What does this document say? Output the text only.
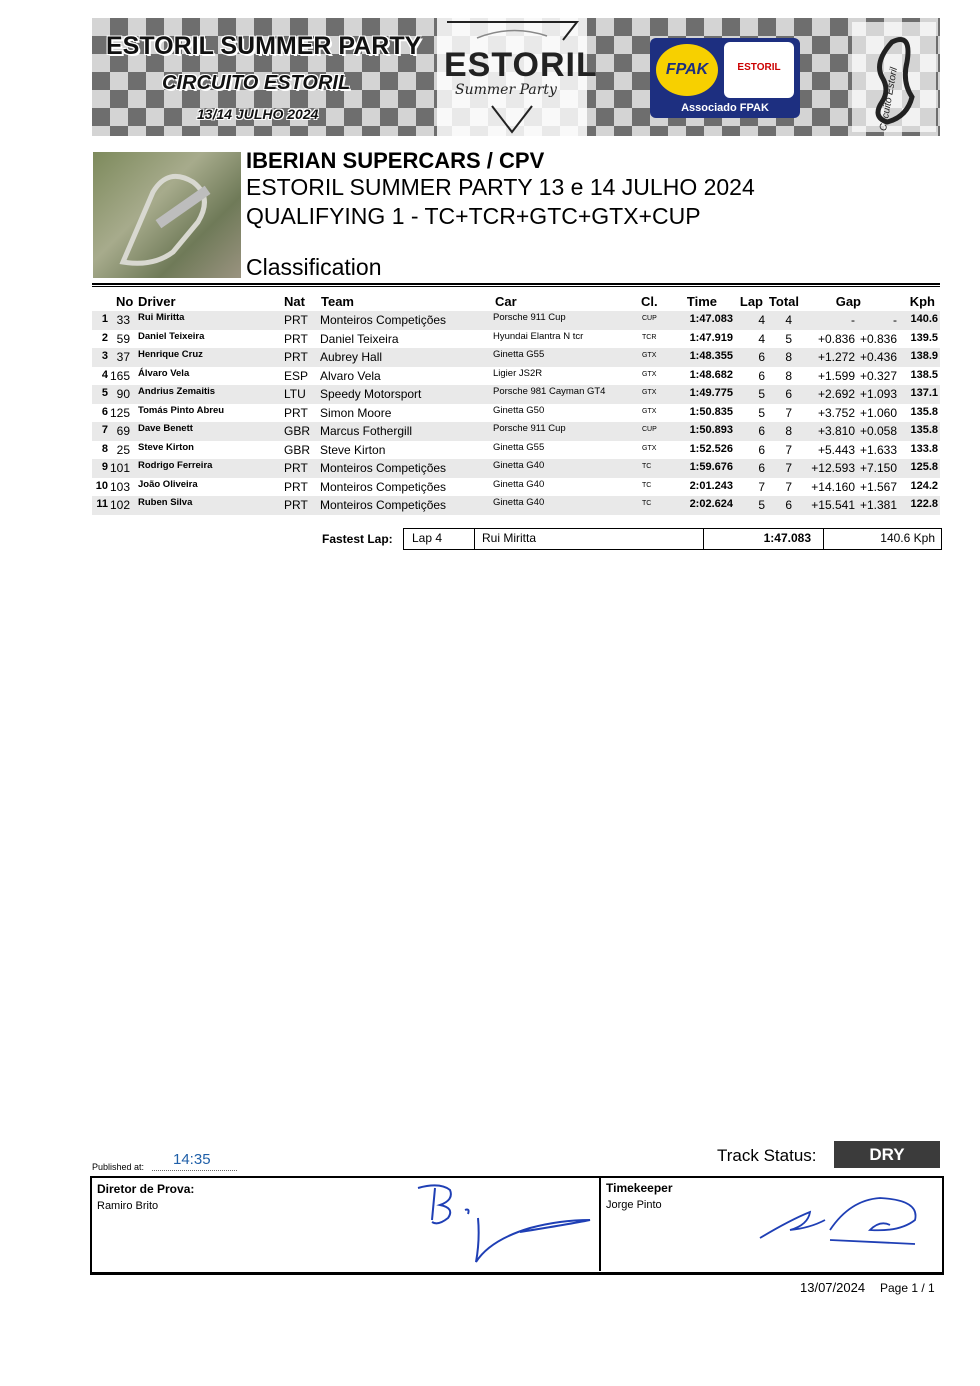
ESTORIL SUMMER PARTY
CIRCUITO ESTORIL
13/14 JULHO 2024
ESTORIL
Summer Party
FPAK	ESTORIL
Associado FPAK	Circuito Estoril
IBERIAN SUPERCARS / CPV
ESTORIL SUMMER PARTY 13 e 14 JULHO 2024
QUALIFYING 1 - TC+TCR+GTC+GTX+CUP
Classification
No Driver	Nat Team	Car	Cl. Time Lap Total	Gap	Kph
1 33 Rui Miritta	PRT Monteiros Competições	Porsche 911 Cup	CUP	1:47.083 4 4	-	- 140.6
2 59 Daniel Teixeira	PRT Daniel Teixeira	Hyundai Elantra N tcr	TCR	1:47.919 4 5 +0.836 +0.836 139.5
3 37 Henrique Cruz	PRT Aubrey Hall	Ginetta G55	GTX	1:48.355 6 8 +1.272 +0.436 138.9
4 165 Álvaro Vela	ESP Alvaro Vela	Ligier JS2R	GTX	1:48.682 6 8 +1.599 +0.327 138.5
5 90 Andrius Zemaitis	LTU Speedy Motorsport	Porsche 981 Cayman GT4	GTX	1:49.775 5 6 +2.692 +1.093 137.1
6 125 Tomás Pinto Abreu	PRT Simon Moore	Ginetta G50	GTX	1:50.835 5 7 +3.752 +1.060 135.8
7 69 Dave Benett	GBR Marcus Fothergill	Porsche 911 Cup	CUP	1:50.893 6 8 +3.810 +0.058 135.8
8 25 Steve Kirton	GBR Steve Kirton	Ginetta G55	GTX	1:52.526 6 7 +5.443 +1.633 133.8
9 101 Rodrigo Ferreira	PRT Monteiros Competições	Ginetta G40	TC	1:59.676 6 7 +12.593 +7.150 125.8
10 103 João Oliveira	PRT Monteiros Competições	Ginetta G40	TC	2:01.243 7 7 +14.160 +1.567 124.2
11 102 Ruben Silva	PRT Monteiros Competições	Ginetta G40	TC	2:02.624 5 6 +15.541 +1.381 122.8
Fastest Lap: Lap 4	Rui Miritta	1:47.083	140.6 Kph
Published at: 14:35	Track Status:	DRY
Diretor de Prova:
Ramiro Brito
Timekeeper
Jorge Pinto
13/07/2024 Page 1 / 1
